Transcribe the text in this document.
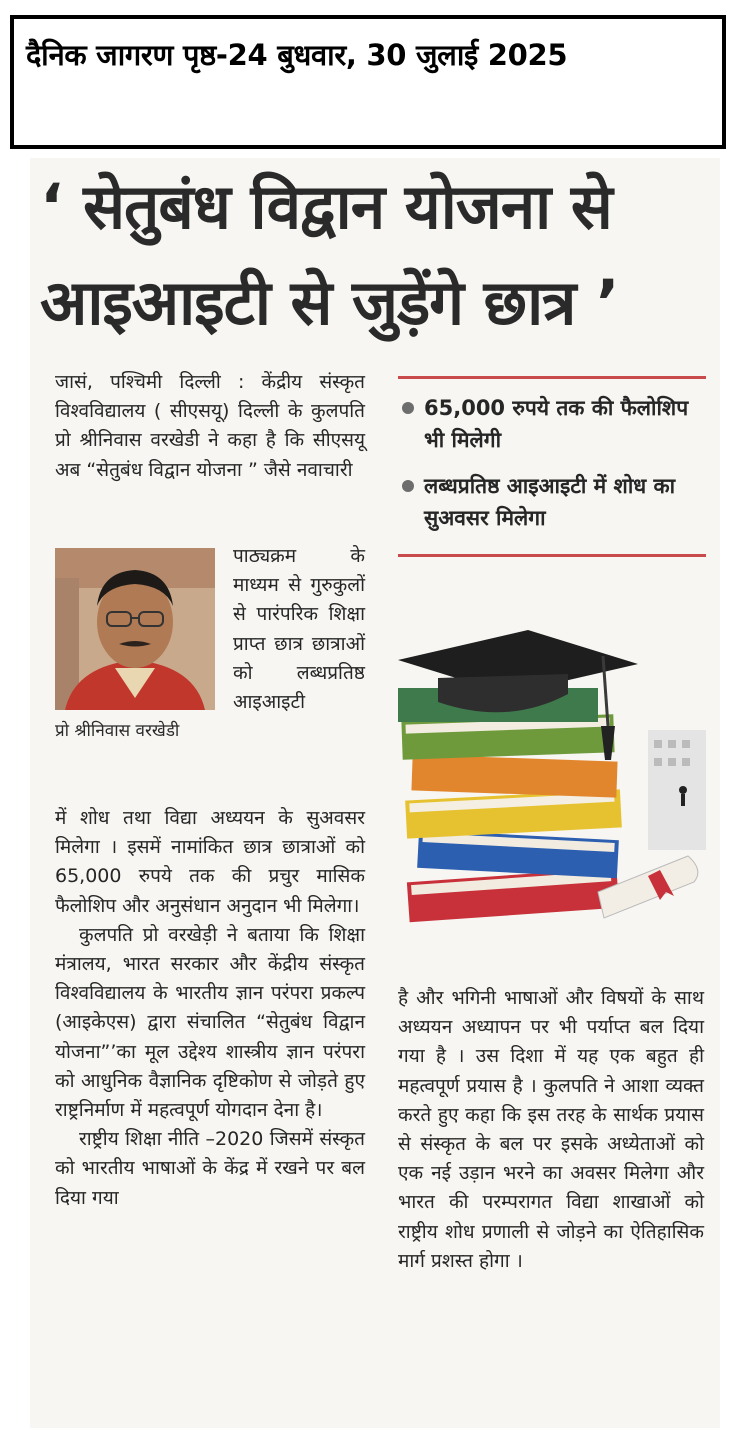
दैनिक जागरण पृष्ठ-24 बुधवार, 30 जुलाई 2025
‘ सेतुबंध विद्वान योजना से
आइआइटी से जुड़ेंगे छात्र ’

जासं, पश्चिमी दिल्ली : केंद्रीय संस्कृत विश्वविद्यालय ( सीएसयू) दिल्ली के कुलपति प्रो श्रीनिवास वरखेडी ने कहा है कि सीएसयू अब “सेतुबंध विद्वान योजना ” जैसे नवाचारी

प्रो श्रीनिवास वरखेडी

पाठ्यक्रम के माध्यम से गुरुकुलों से पारंपरिक शिक्षा प्राप्त छात्र छात्राओं को लब्धप्रतिष्ठ आइआइटी

में शोध तथा विद्या अध्ययन के सुअवसर मिलेगा । इसमें नामांकित छात्र छात्राओं को 65,000 रुपये तक की प्रचुर मासिक फैलोशिप और अनुसंधान अनुदान भी मिलेगा।

कुलपति प्रो वरखेड़ी ने बताया कि शिक्षा मंत्रालय, भारत सरकार और केंद्रीय संस्कृत विश्वविद्यालय के भारतीय ज्ञान परंपरा प्रकल्प (आइकेएस) द्वारा संचालित “सेतुबंध विद्वान योजना”’का मूल उद्देश्य शास्त्रीय ज्ञान परंपरा को आधुनिक वैज्ञानिक दृष्टिकोण से जोड़ते हुए राष्ट्रनिर्माण में महत्वपूर्ण योगदान देना है।

राष्ट्रीय शिक्षा नीति –2020 जिसमें संस्कृत को भारतीय भाषाओं के केंद्र में रखने पर बल दिया गया

65,000 रुपये तक की फैलोशिप भी मिलेगी
लब्धप्रतिष्ठ आइआइटी में शोध का सुअवसर मिलेगा

है और भगिनी भाषाओं और विषयों के साथ अध्ययन अध्यापन पर भी पर्याप्त बल दिया गया है । उस दिशा में यह एक बहुत ही महत्वपूर्ण प्रयास है । कुलपति ने आशा व्यक्त करते हुए कहा कि इस तरह के सार्थक प्रयास से संस्कृत के बल पर इसके अध्येताओं को एक नई उड़ान भरने का अवसर मिलेगा और भारत की परम्परागत विद्या शाखाओं को राष्ट्रीय शोध प्रणाली से जोड़ने का ऐतिहासिक मार्ग प्रशस्त होगा ।
